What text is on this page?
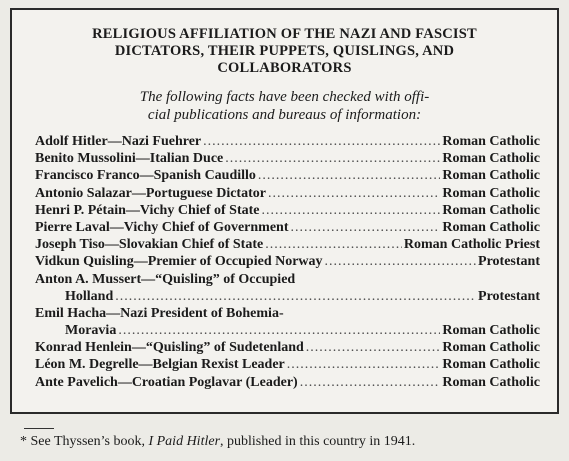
RELIGIOUS AFFILIATION OF THE NAZI AND FASCIST
DICTATORS, THEIR PUPPETS, QUISLINGS, AND
COLLABORATORS
The following facts have been checked with offi-
cial publications and bureaus of information:
Adolf Hitler—Nazi Fuehrer .....	Roman Catholic
Benito Mussolini—Italian Duce .....	Roman Catholic
Francisco Franco—Spanish Caudillo .....	Roman Catholic
Antonio Salazar—Portuguese Dictator .....	Roman Catholic
Henri P. Pétain—Vichy Chief of State .....	Roman Catholic
Pierre Laval—Vichy Chief of Government .....	Roman Catholic
Joseph Tiso—Slovakian Chief of State .....	Roman Catholic Priest
Vidkun Quisling—Premier of Occupied Norway .....	Protestant
Anton A. Mussert—“Quisling” of Occupied
Holland .....	Protestant
Emil Hacha—Nazi President of Bohemia-
Moravia .....	Roman Catholic
Konrad Henlein—“Quisling” of Sudetenland .....	Roman Catholic
Léon M. Degrelle—Belgian Rexist Leader .....	Roman Catholic
Ante Pavelich—Croatian Poglavar (Leader) .....	Roman Catholic
* See Thyssen’s book, I Paid Hitler, published in this country in 1941.
